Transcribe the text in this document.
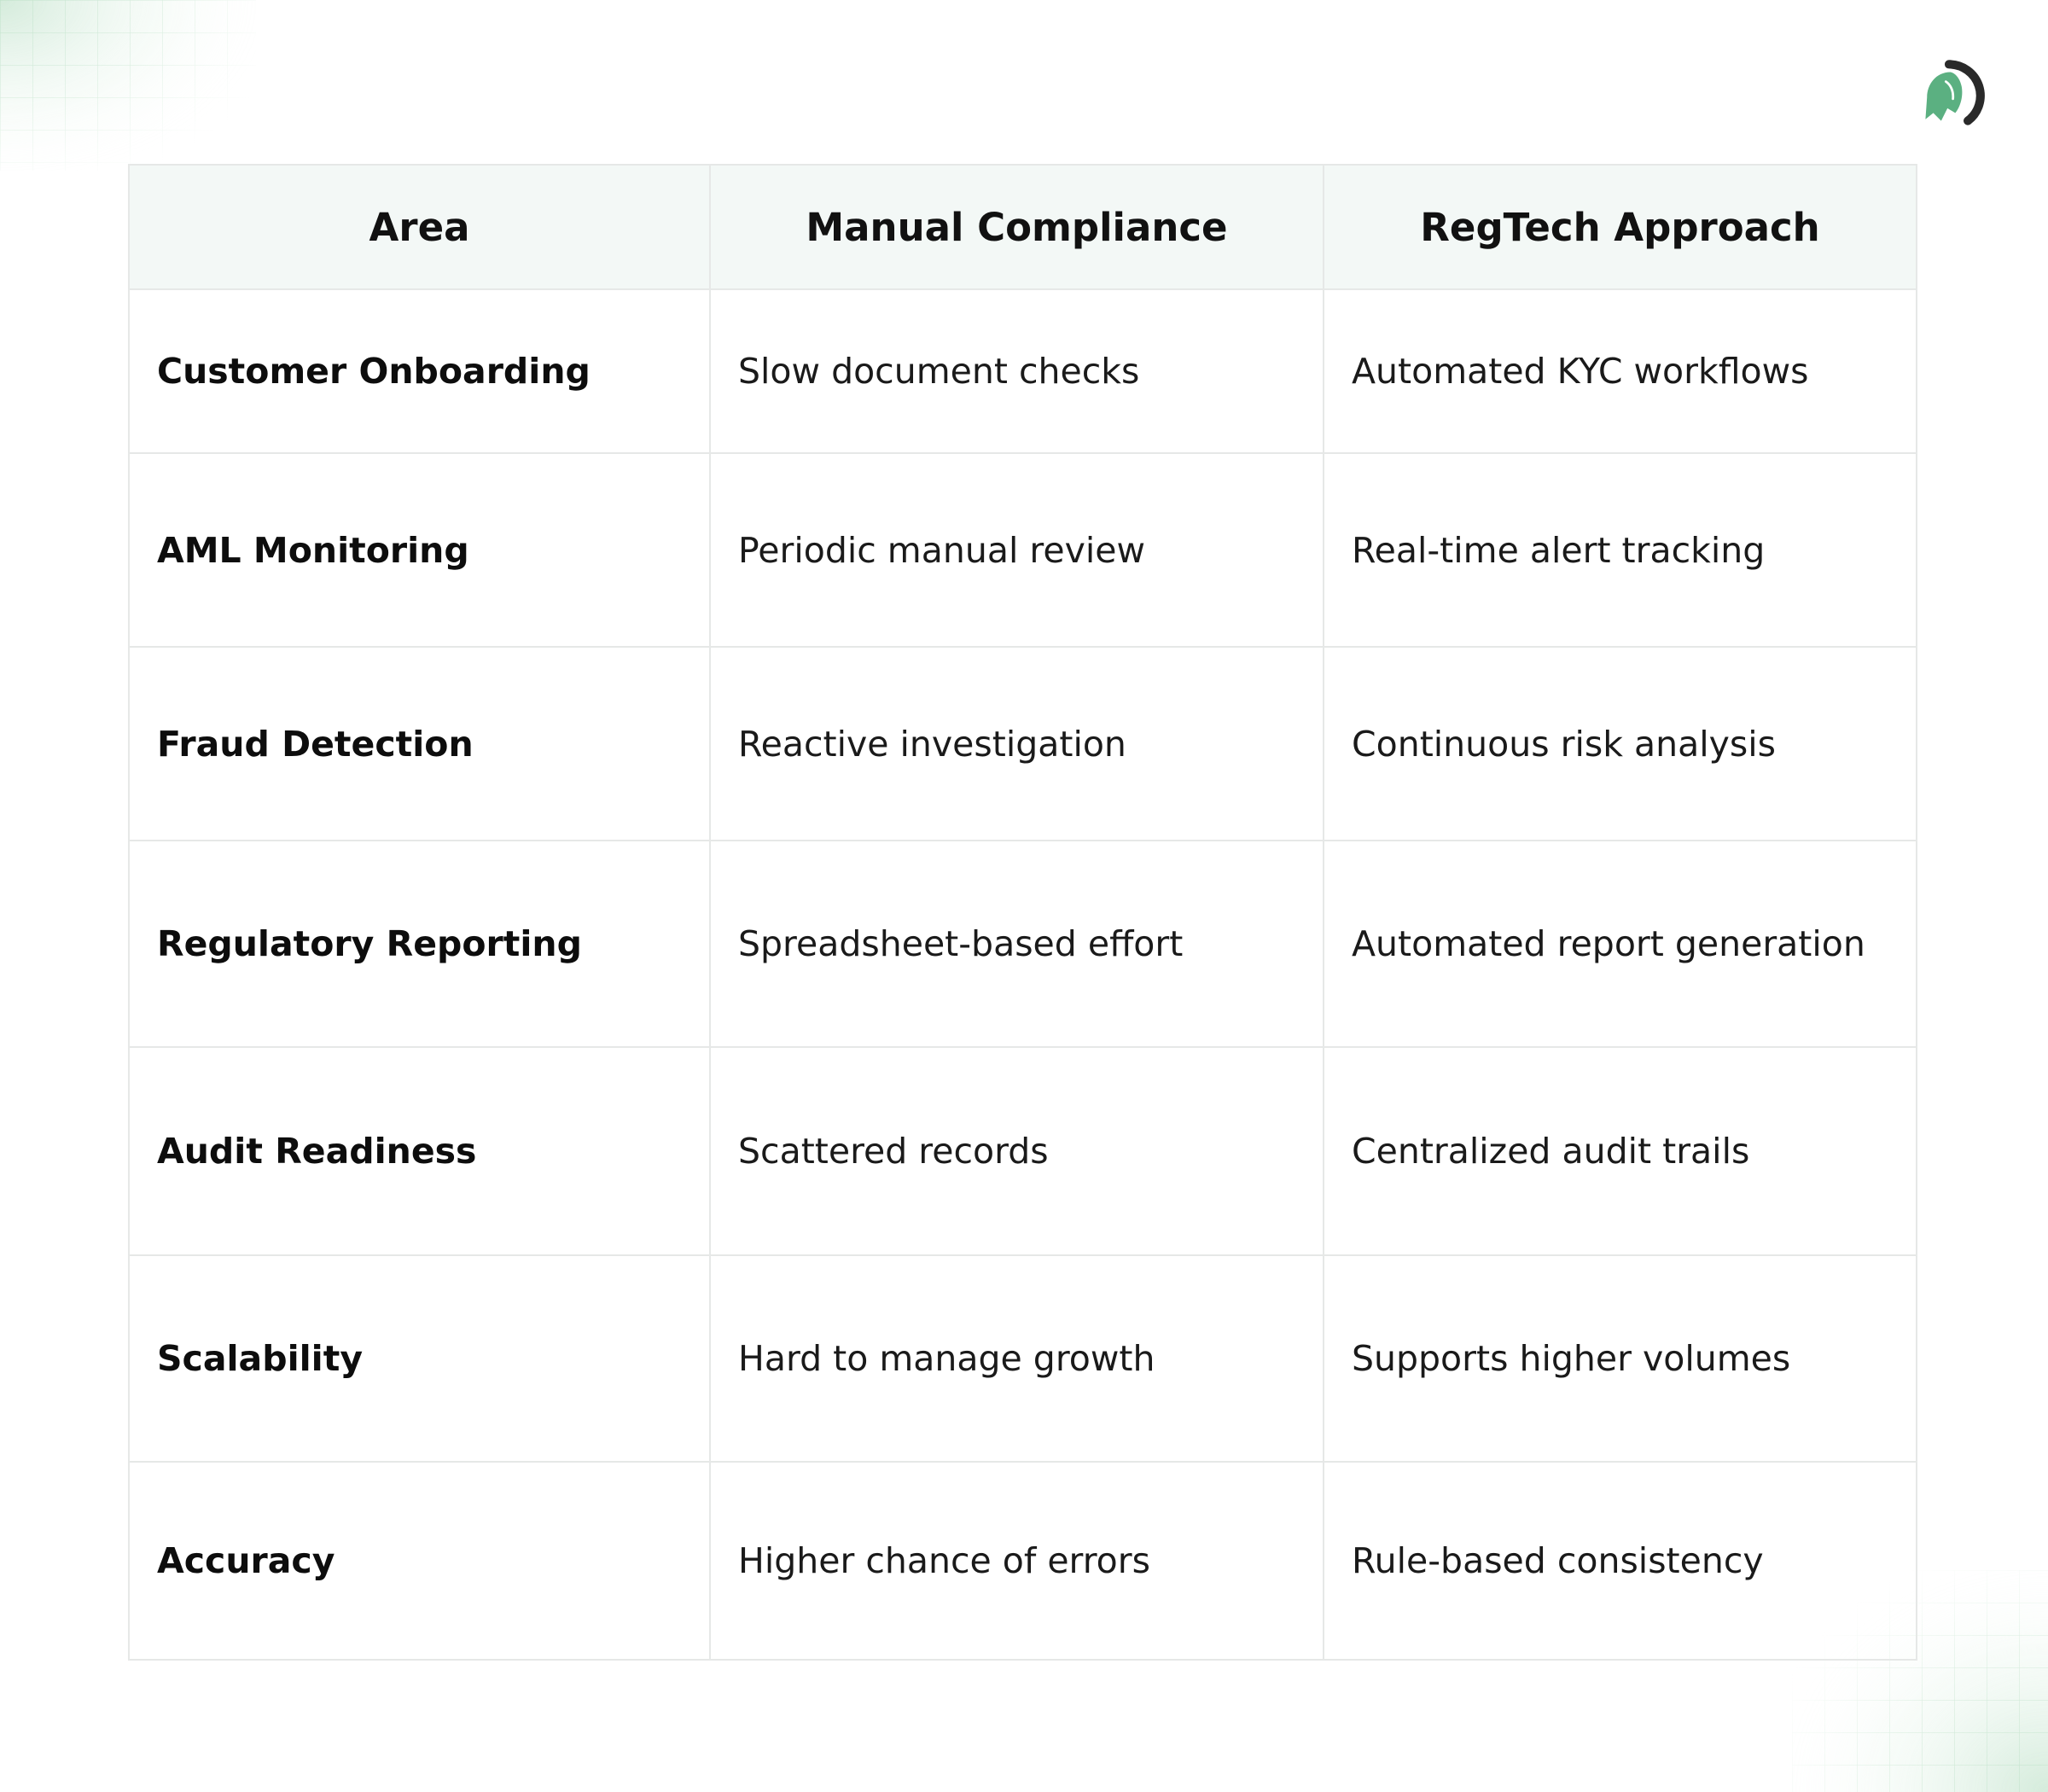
Area	Manual Compliance	RegTech Approach
Customer Onboarding	Slow document checks	Automated KYC workflows
AML Monitoring	Periodic manual review	Real-time alert tracking
Fraud Detection	Reactive investigation	Continuous risk analysis
Regulatory Reporting	Spreadsheet-based effort	Automated report generation
Audit Readiness	Scattered records	Centralized audit trails
Scalability	Hard to manage growth	Supports higher volumes
Accuracy	Higher chance of errors	Rule-based consistency
